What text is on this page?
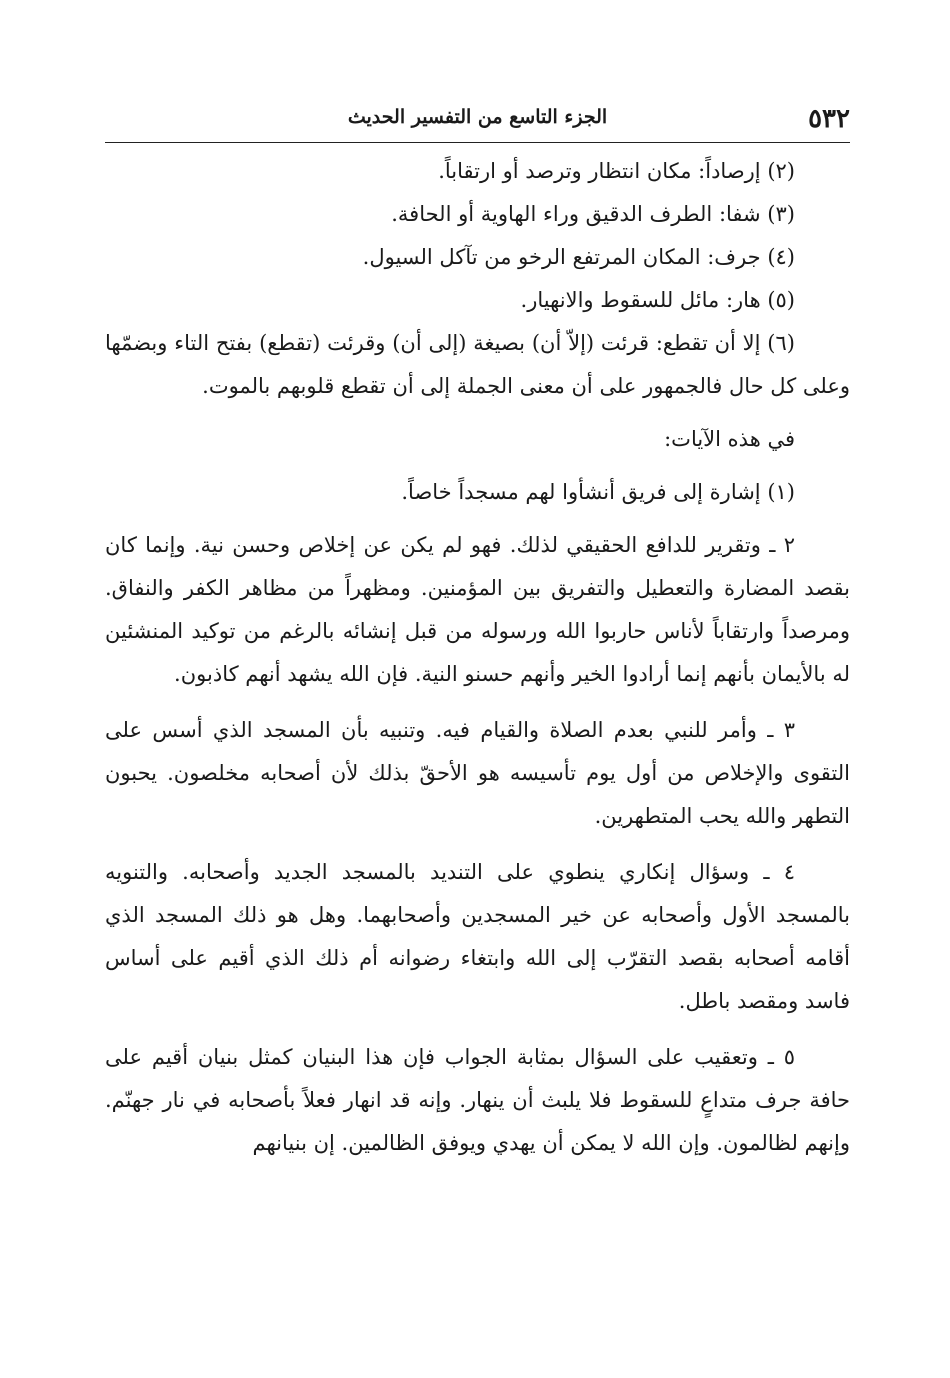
٥٣٢
الجزء التاسع من التفسير الحديث

(٢) إرصاداً: مكان انتظار وترصد أو ارتقاباً.

(٣) شفا: الطرف الدقيق وراء الهاوية أو الحافة.

(٤) جرف: المكان المرتفع الرخو من تآكل السيول.

(٥) هار: مائل للسقوط والانهيار.

(٦) إلا أن تقطع: قرئت (إلاّ أن) بصيغة (إلى أن) وقرئت (تقطع) بفتح التاء وبضمّها وعلى كل حال فالجمهور على أن معنى الجملة إلى أن تقطع قلوبهم بالموت.

في هذه الآيات:

(١) إشارة إلى فريق أنشأوا لهم مسجداً خاصاً.

٢ ـ وتقرير للدافع الحقيقي لذلك. فهو لم يكن عن إخلاص وحسن نية. وإنما كان بقصد المضارة والتعطيل والتفريق بين المؤمنين. ومظهراً من مظاهر الكفر والنفاق. ومرصداً وارتقاباً لأناس حاربوا الله ورسوله من قبل إنشائه بالرغم من توكيد المنشئين له بالأيمان بأنهم إنما أرادوا الخير وأنهم حسنو النية. فإن الله يشهد أنهم كاذبون.

٣ ـ وأمر للنبي بعدم الصلاة والقيام فيه. وتنبيه بأن المسجد الذي أسس على التقوى والإخلاص من أول يوم تأسيسه هو الأحقّ بذلك لأن أصحابه مخلصون. يحبون التطهر والله يحب المتطهرين.

٤ ـ وسؤال إنكاري ينطوي على التنديد بالمسجد الجديد وأصحابه. والتنويه بالمسجد الأول وأصحابه عن خير المسجدين وأصحابهما. وهل هو ذلك المسجد الذي أقامه أصحابه بقصد التقرّب إلى الله وابتغاء رضوانه أم ذلك الذي أقيم على أساس فاسد ومقصد باطل.

٥ ـ وتعقيب على السؤال بمثابة الجواب فإن هذا البنيان كمثل بنيان أقيم على حافة جرف متداعٍ للسقوط فلا يلبث أن ينهار. وإنه قد انهار فعلاً بأصحابه في نار جهنّم. وإنهم لظالمون. وإن الله لا يمكن أن يهدي ويوفق الظالمين. إن بنيانهم
